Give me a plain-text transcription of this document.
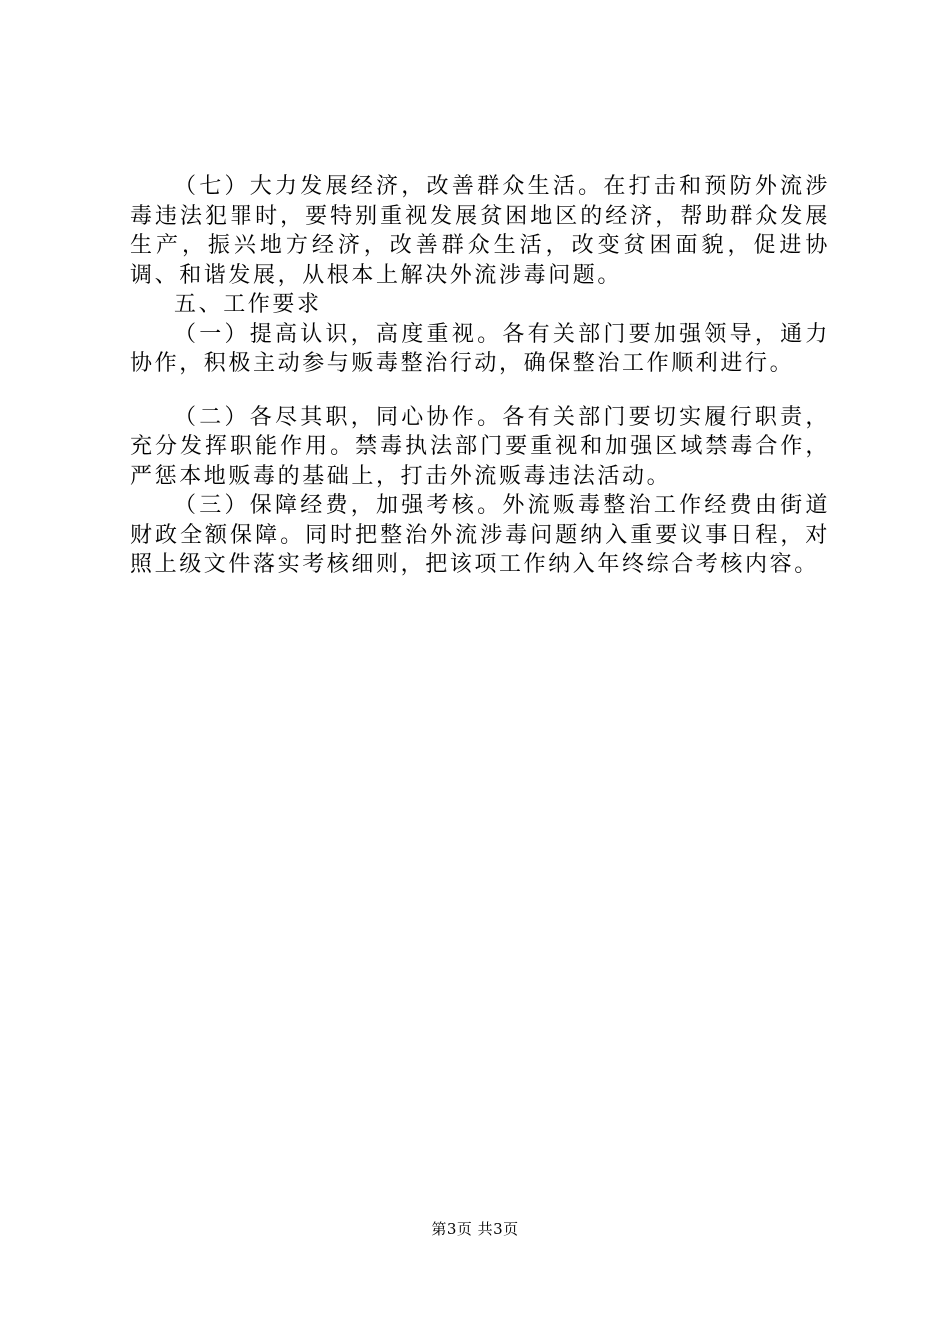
（七）大力发展经济，改善群众生活。在打击和预防外流涉毒违法犯罪时，要特别重视发展贫困地区的经济，帮助群众发展生产，振兴地方经济，改善群众生活，改变贫困面貌，促进协调、和谐发展，从根本上解决外流涉毒问题。

五、工作要求

（一）提高认识，高度重视。各有关部门要加强领导，通力协作，积极主动参与贩毒整治行动，确保整治工作顺利进行。

（二）各尽其职，同心协作。各有关部门要切实履行职责，充分发挥职能作用。禁毒执法部门要重视和加强区域禁毒合作，严惩本地贩毒的基础上，打击外流贩毒违法活动。

（三）保障经费，加强考核。外流贩毒整治工作经费由街道财政全额保障。同时把整治外流涉毒问题纳入重要议事日程，对照上级文件落实考核细则，把该项工作纳入年终综合考核内容。

第3页 共3页
